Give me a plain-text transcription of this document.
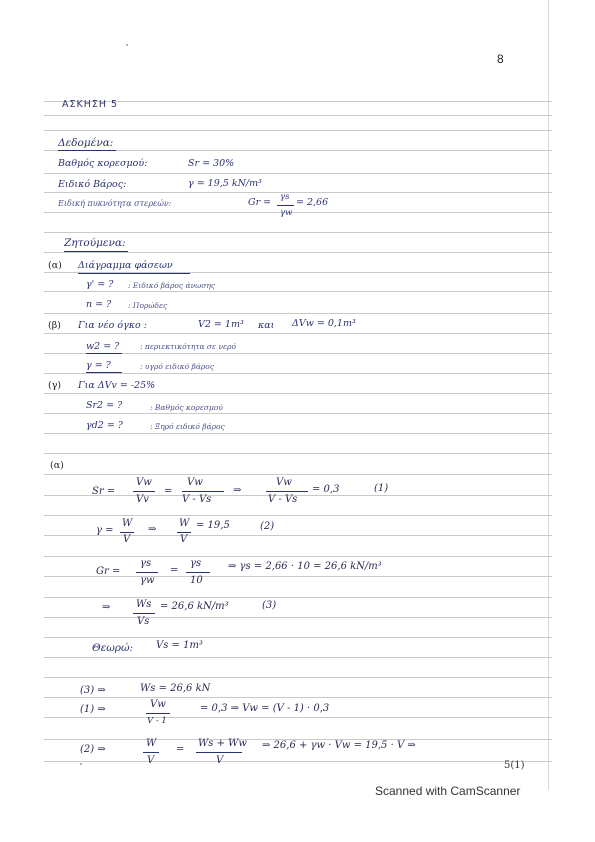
8
ΑΣΚΗΣΗ 5
Δεδομένα:
Βαθμός κορεσμού:	Sr = 30%
Ειδικό Βάρος:	γ = 19,5 kN/m³
Ειδική πυκνότητα στερεών:	Gr = γs
γw
= 2,66
Ζητούμενα:
(α) Διάγραμμα φάσεων
γ' = ? : Ειδικό βάρος άνωσης
n = ? : Πορώδες
(β) Για νέο όγκο :	V2 = 1m³ και ΔVw = 0,1m³
w2 = ?	: περιεκτικότητα σε νερό
γ = ?	: υγρό ειδικό βάρος
(γ) Για ΔVv = -25%
Sr2 = ?	: Βαθμός κορεσμού
γd2 = ?	: Ξηρό ειδικό βάρος
(α)
Sr =
Vw
Vv
=
Vw
V - Vs
⇒
Vw
V - Vs
= 0,3	(1)
γ =
W
V
⇒
W
V
= 19,5	(2)
Gr =
γs
γw
=
γs
10
⇒ γs = 2,66 · 10 = 26,6 kN/m³
⇒	Ws
Vs
= 26,6 kN/m³	(3)
Θεωρώ: Vs = 1m³
(3) ⇒	Ws = 26,6 kN
(1) ⇒	Vw
V - 1
= 0,3 ⇒ Vw = (V - 1) · 0,3
(2) ⇒
W
V
=
Ws + Ww
V
⇒ 26,6 + γw · Vw = 19,5 · V ⇒
5(1)
Scanned with CamScanner
